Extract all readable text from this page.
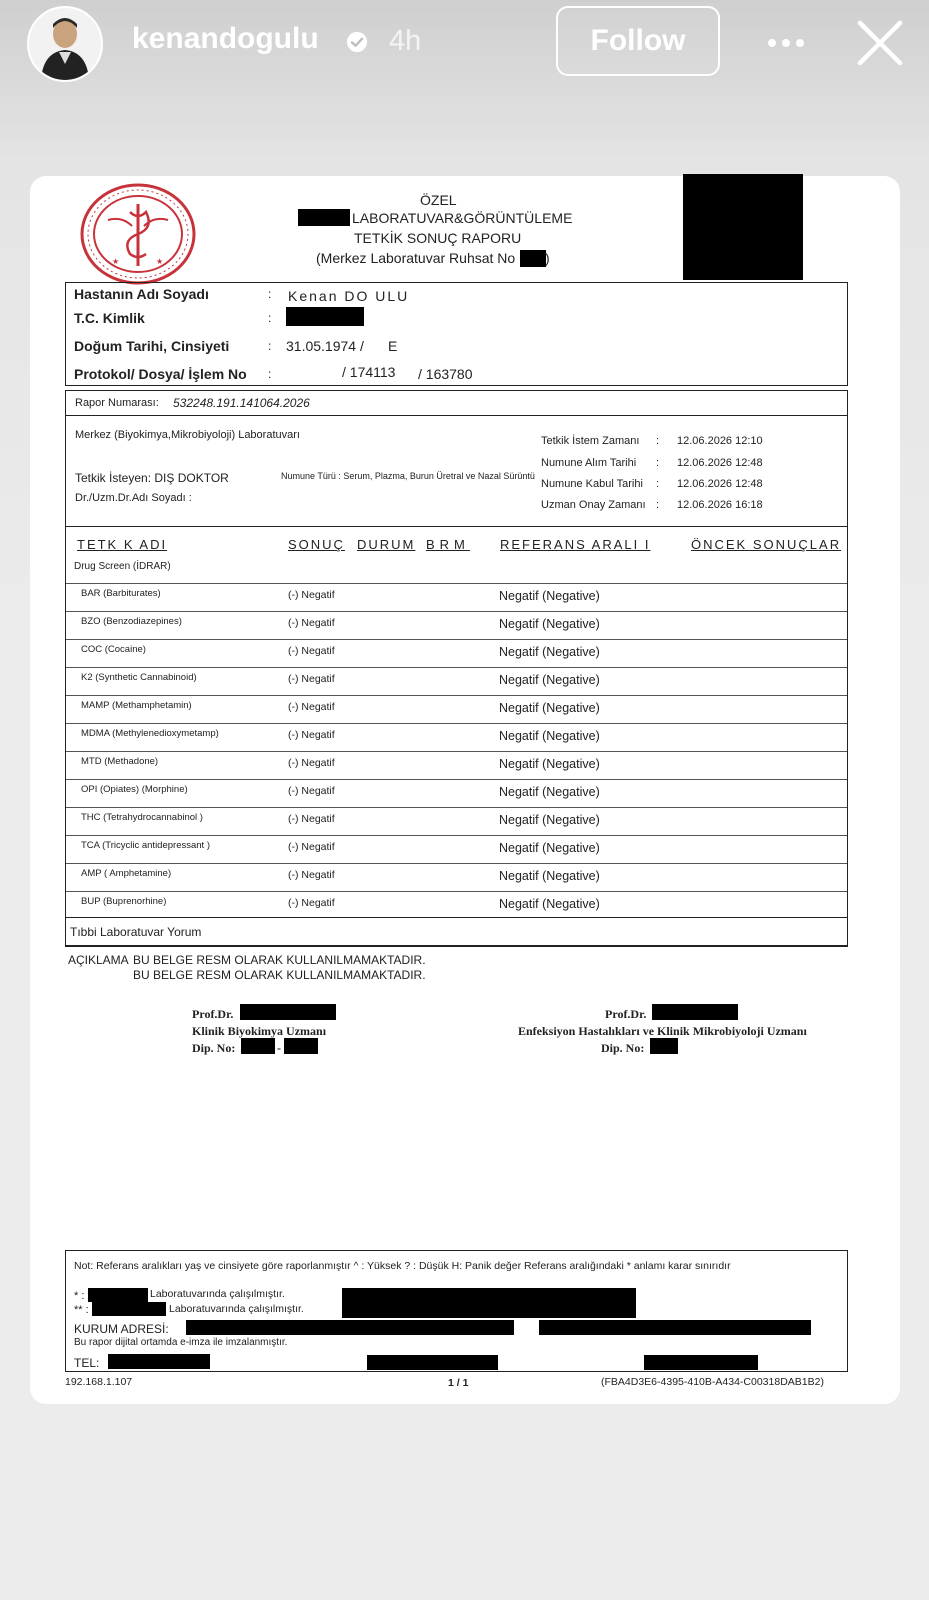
kenandogulu 4h	Follow
★	★
ÖZEL
LABORATUVAR&GÖRÜNTÜLEME
TETKİK SONUÇ RAPORU
(Merkez Laboratuvar Ruhsat No )
Hastanın Adı Soyadı	: Kenan DO ULU
T.C. Kimlik	:
Doğum Tarihi, Cinsiyeti	: 31.05.1974 / E
Protokol/ Dosya/ İşlem No :	/ 174113 / 163780
Rapor Numarası: 532248.191.141064.2026
Merkez (Biyokimya,Mikrobiyoloji) Laboratuvarı
Tetkik İsteyen: DIŞ DOKTOR
Dr./Uzm.Dr.Adı Soyadı :
Numune Türü : Serum, Plazma, Burun Üretral ve Nazal Sürüntü
Tetkik İstem Zamanı : 12.06.2026 12:10
Numune Alım Tarihi : 12.06.2026 12:48
Numune Kabul Tarihi : 12.06.2026 12:48
Uzman Onay Zamanı : 12.06.2026 16:18
TETK K ADI	SONUÇ DURUM BRM REFERANS ARALI I	ÖNCEK SONUÇLAR
Drug Screen (İDRAR)
BAR (Barbiturates)	(-) Negatif	Negatif (Negative)
BZO (Benzodiazepines)	(-) Negatif	Negatif (Negative)
COC (Cocaine)	(-) Negatif	Negatif (Negative)
K2 (Synthetic Cannabinoid)	(-) Negatif	Negatif (Negative)
MAMP (Methamphetamin)	(-) Negatif	Negatif (Negative)
MDMA (Methylenedioxymetamp)	(-) Negatif	Negatif (Negative)
MTD (Methadone)	(-) Negatif	Negatif (Negative)
OPI (Opiates) (Morphine)	(-) Negatif	Negatif (Negative)
THC (Tetrahydrocannabinol )	(-) Negatif	Negatif (Negative)
TCA (Tricyclic antidepressant )	(-) Negatif	Negatif (Negative)
AMP ( Amphetamine)	(-) Negatif	Negatif (Negative)
BUP (Buprenorhine)	(-) Negatif	Negatif (Negative)
Tıbbi Laboratuvar Yorum
AÇIKLAMA BU BELGE RESM OLARAK KULLANILMAMAKTADIR.
BU BELGE RESM OLARAK KULLANILMAMAKTADIR.
Prof.Dr.
Klinik Biyokimya Uzmanı
Dip. No:	-
Prof.Dr.
Enfeksiyon Hastalıkları ve Klinik Mikrobiyoloji Uzmanı
Dip. No:
Not: Referans aralıkları yaş ve cinsiyete göre raporlanmıştır ^ : Yüksek ? : Düşük H: Panik değer Referans aralığındaki * anlamı karar sınırıdır
* :	Laboratuvarında çalışılmıştır.
** :	Laboratuvarında çalışılmıştır.
KURUM ADRESİ:
Bu rapor dijital ortamda e-imza ile imzalanmıştır.
TEL:
192.168.1.107	1 / 1	(FBA4D3E6-4395-410B-A434-C00318DAB1B2)
